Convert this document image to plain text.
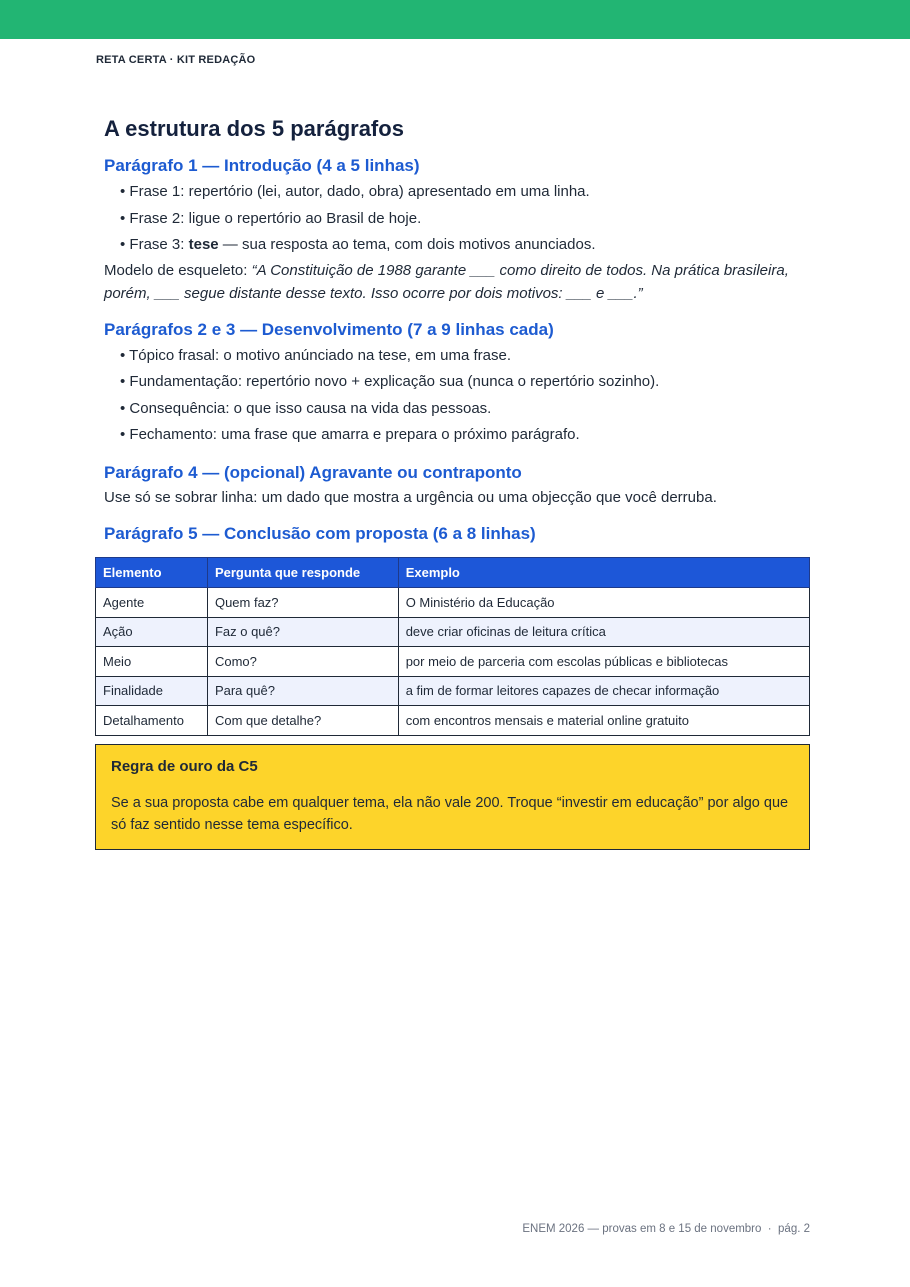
RETA CERTA · KIT REDAÇÃO
A estrutura dos 5 parágrafos
Parágrafo 1 — Introdução (4 a 5 linhas)
• Frase 1: repertório (lei, autor, dado, obra) apresentado em uma linha.
• Frase 2: ligue o repertório ao Brasil de hoje.
• Frase 3: tese — sua resposta ao tema, com dois motivos anunciados.

Modelo de esqueleto: “A Constituição de 1988 garante ___ como direito de todos. Na prática brasileira, porém, ___ segue distante desse texto. Isso ocorre por dois motivos: ___ e ___.”

Parágrafos 2 e 3 — Desenvolvimento (7 a 9 linhas cada)
• Tópico frasal: o motivo anúnciado na tese, em uma frase.
• Fundamentação: repertório novo + explicação sua (nunca o repertório sozinho).
• Consequência: o que isso causa na vida das pessoas.
• Fechamento: uma frase que amarra e prepara o próximo parágrafo.
Parágrafo 4 — (opcional) Agravante ou contraponto

Use só se sobrar linha: um dado que mostra a urgência ou uma objecção que você derruba.

Parágrafo 5 — Conclusão com proposta (6 a 8 linhas)
Elemento	Pergunta que responde	Exemplo
Agente	Quem faz?	O Ministério da Educação
Ação	Faz o quê?	deve criar oficinas de leitura crítica
Meio	Como?	por meio de parceria com escolas públicas e bibliotecas
Finalidade	Para quê?	a fim de formar leitores capazes de checar informação
Detalhamento	Com que detalhe?	com encontros mensais e material online gratuito
Regra de ouro da C5
Se a sua proposta cabe em qualquer tema, ela não vale 200. Troque “investir em educação” por algo que só faz sentido nesse tema específico.
ENEM 2026 — provas em 8 e 15 de novembro  ·  pág. 2
